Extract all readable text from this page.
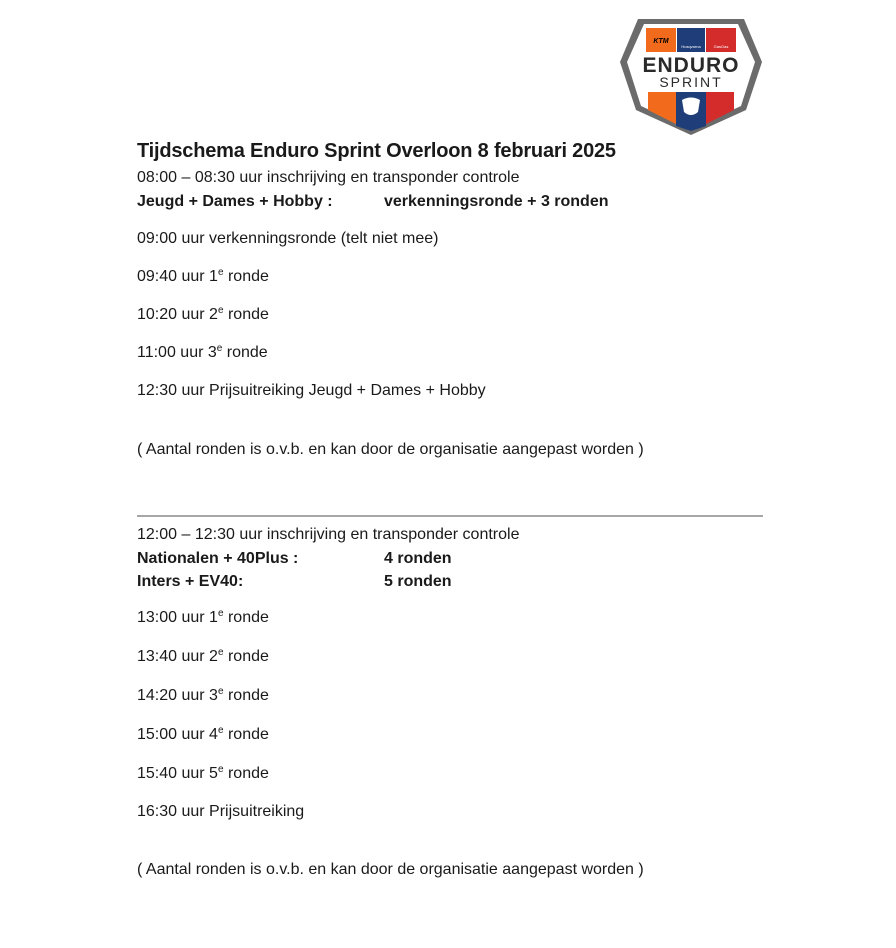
KTM
Husqvarna	GasGas
ENDURO
SPRINT
Tijdschema Enduro Sprint Overloon 8 februari 2025
08:00 – 08:30 uur inschrijving en transponder controle
Jeugd + Dames + Hobby :	verkenningsronde + 3 ronden
09:00 uur verkenningsronde (telt niet mee)
09:40 uur 1e ronde
10:20 uur 2e ronde
11:00 uur 3e ronde
12:30 uur Prijsuitreiking Jeugd + Dames + Hobby
( Aantal ronden is o.v.b. en kan door de organisatie aangepast worden )
12:00 – 12:30 uur inschrijving en transponder controle
Nationalen + 40Plus :	4 ronden
Inters + EV40:	5 ronden
13:00 uur 1e ronde
13:40 uur 2e ronde
14:20 uur 3e ronde
15:00 uur 4e ronde
15:40 uur 5e ronde
16:30 uur Prijsuitreiking
( Aantal ronden is o.v.b. en kan door de organisatie aangepast worden )
